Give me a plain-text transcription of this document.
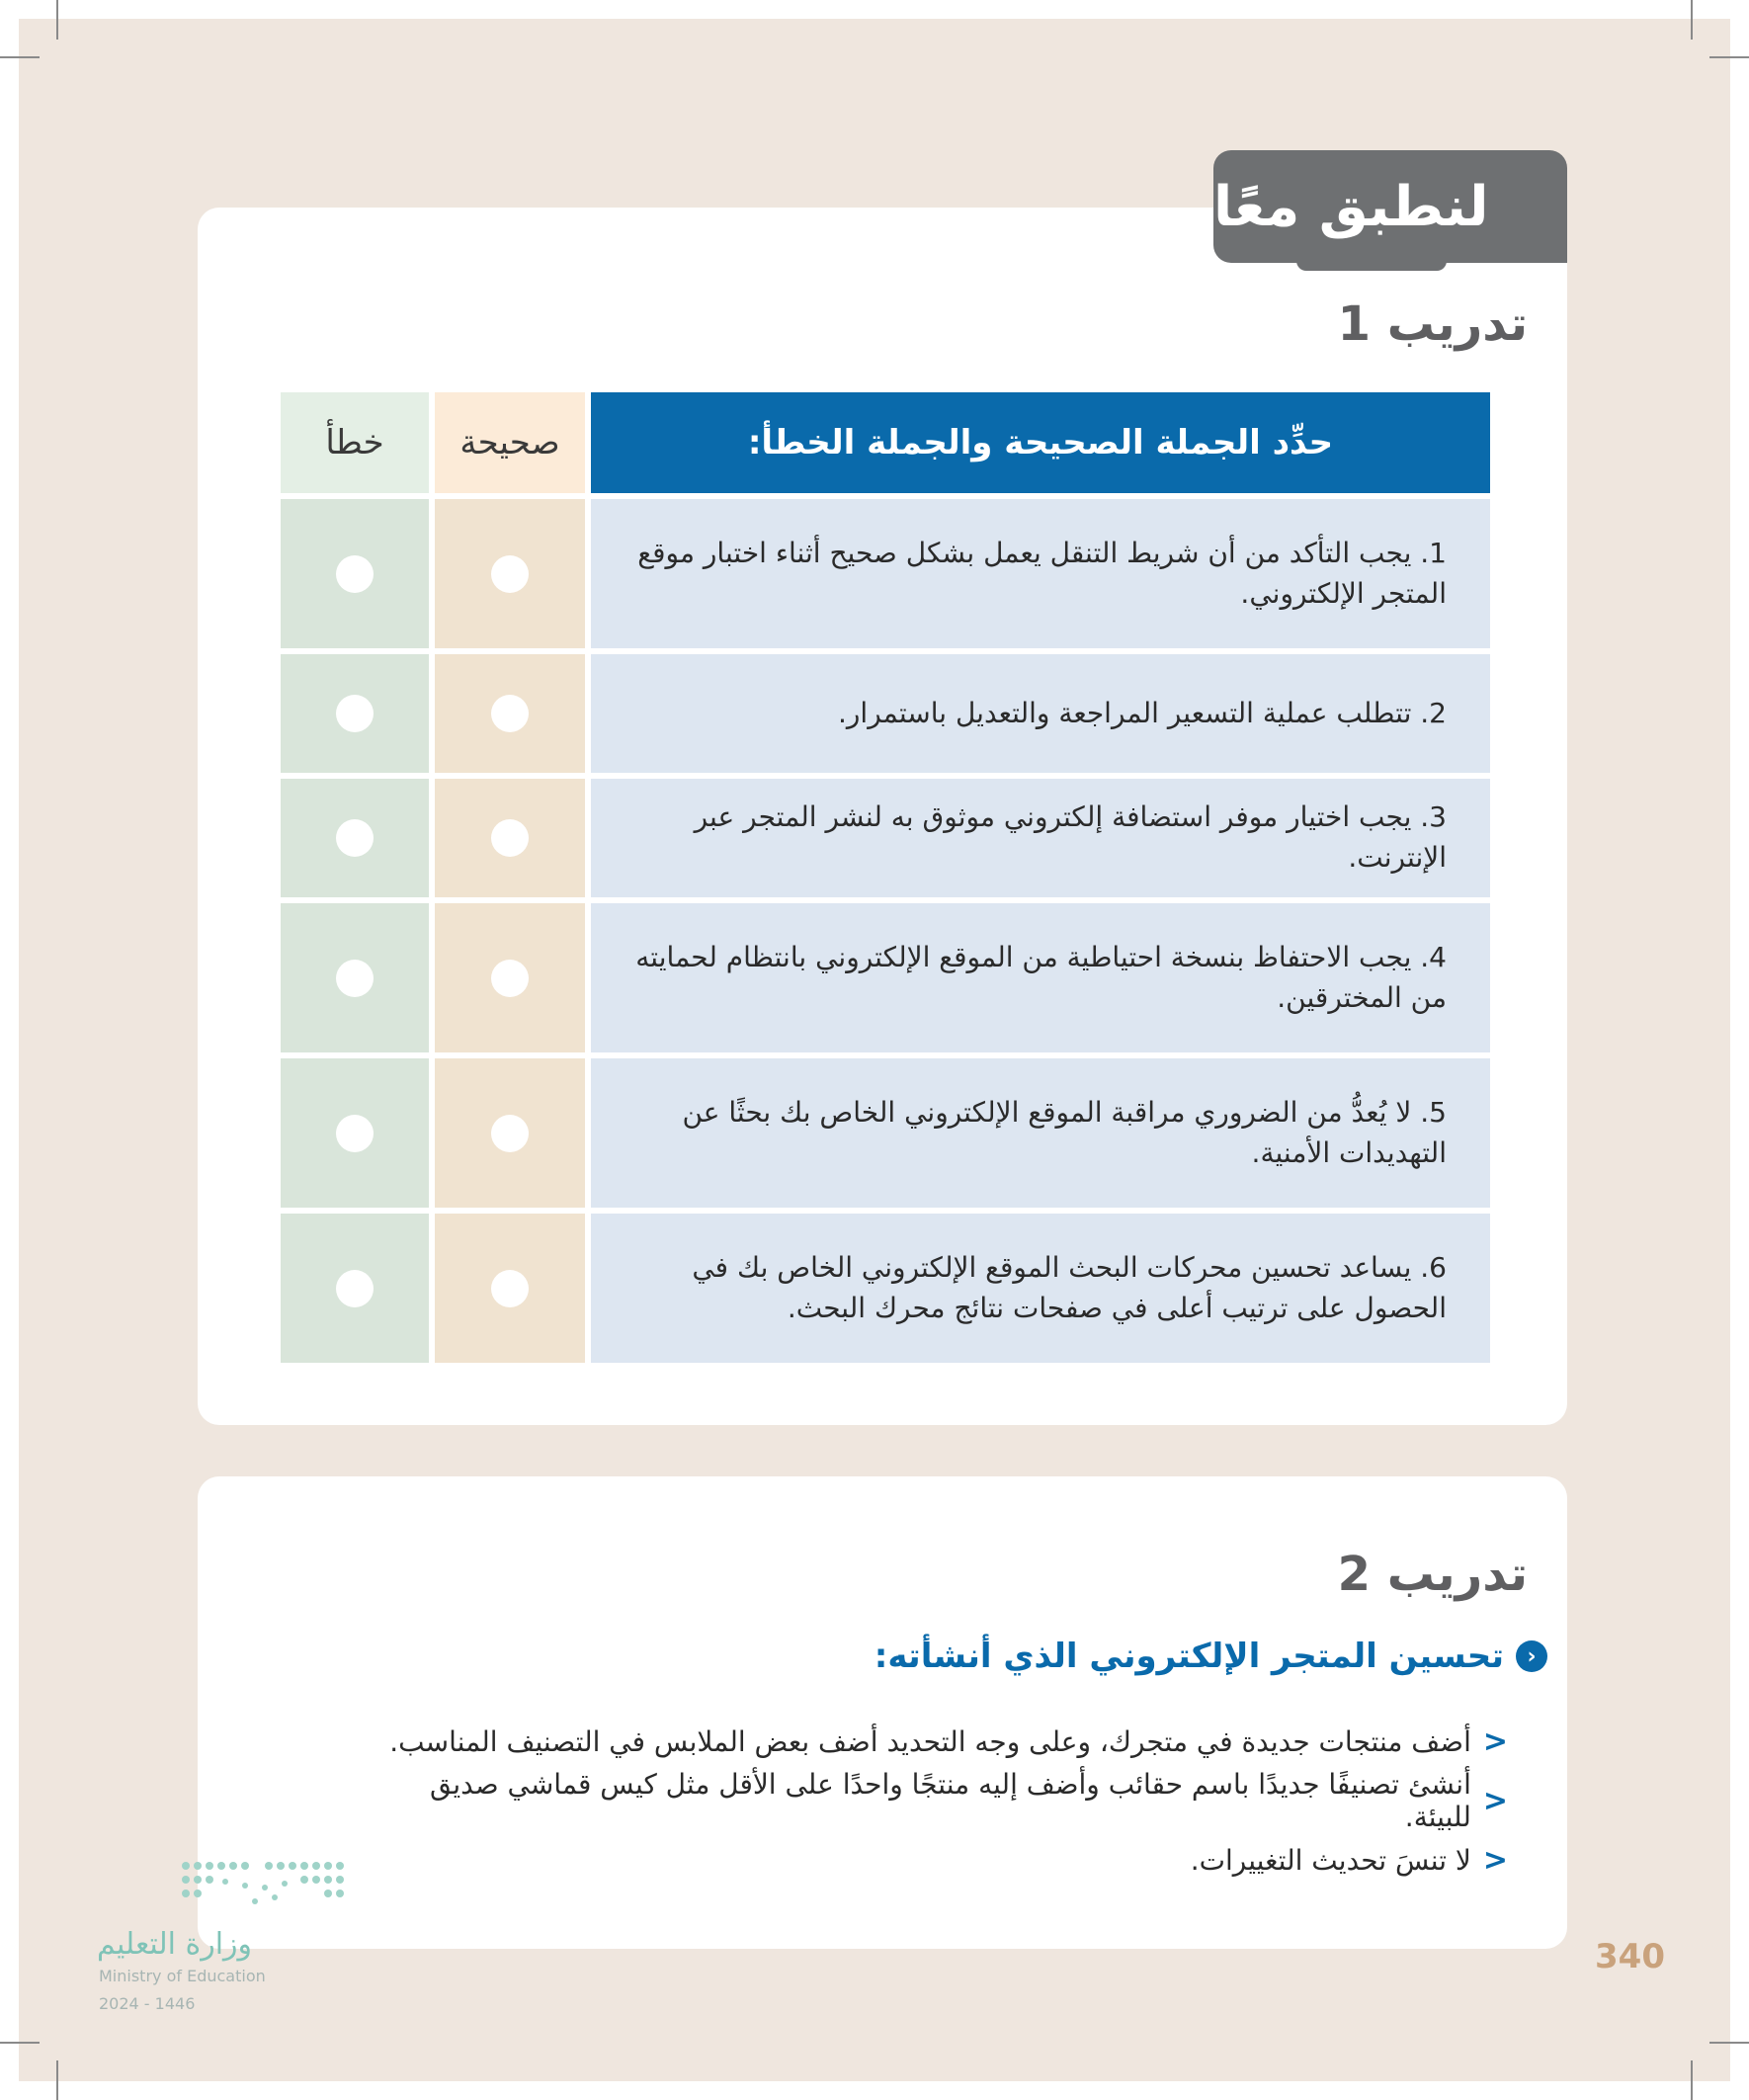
لنطبق معًا
تدريب 1
حدِّد الجملة الصحيحة والجملة الخطأ:
صحيحة
خطأ
1. يجب التأكد من أن شريط التنقل يعمل بشكل صحيح أثناء اختبار موقع المتجر الإلكتروني.
2. تتطلب عملية التسعير المراجعة والتعديل باستمرار.
3. يجب اختيار موفر استضافة إلكتروني موثوق به لنشر المتجر عبر الإنترنت.
4. يجب الاحتفاظ بنسخة احتياطية من الموقع الإلكتروني بانتظام لحمايته من المخترقين.
5. لا يُعدُّ من الضروري مراقبة الموقع الإلكتروني الخاص بك بحثًا عن التهديدات الأمنية.
6. يساعد تحسين محركات البحث الموقع الإلكتروني الخاص بك في الحصول على ترتيب أعلى في صفحات نتائج محرك البحث.
تدريب 2
‹
تحسين المتجر الإلكتروني الذي أنشأته:
<
أضف منتجات جديدة في متجرك، وعلى وجه التحديد أضف بعض الملابس في التصنيف المناسب.
<
أنشئ تصنيفًا جديدًا باسم حقائب وأضف إليه منتجًا واحدًا على الأقل مثل كيس قماشي صديق للبيئة.
<
لا تنسَ تحديث التغييرات.
340
وزارة التعليم
Ministry of Education
2024 - 1446
